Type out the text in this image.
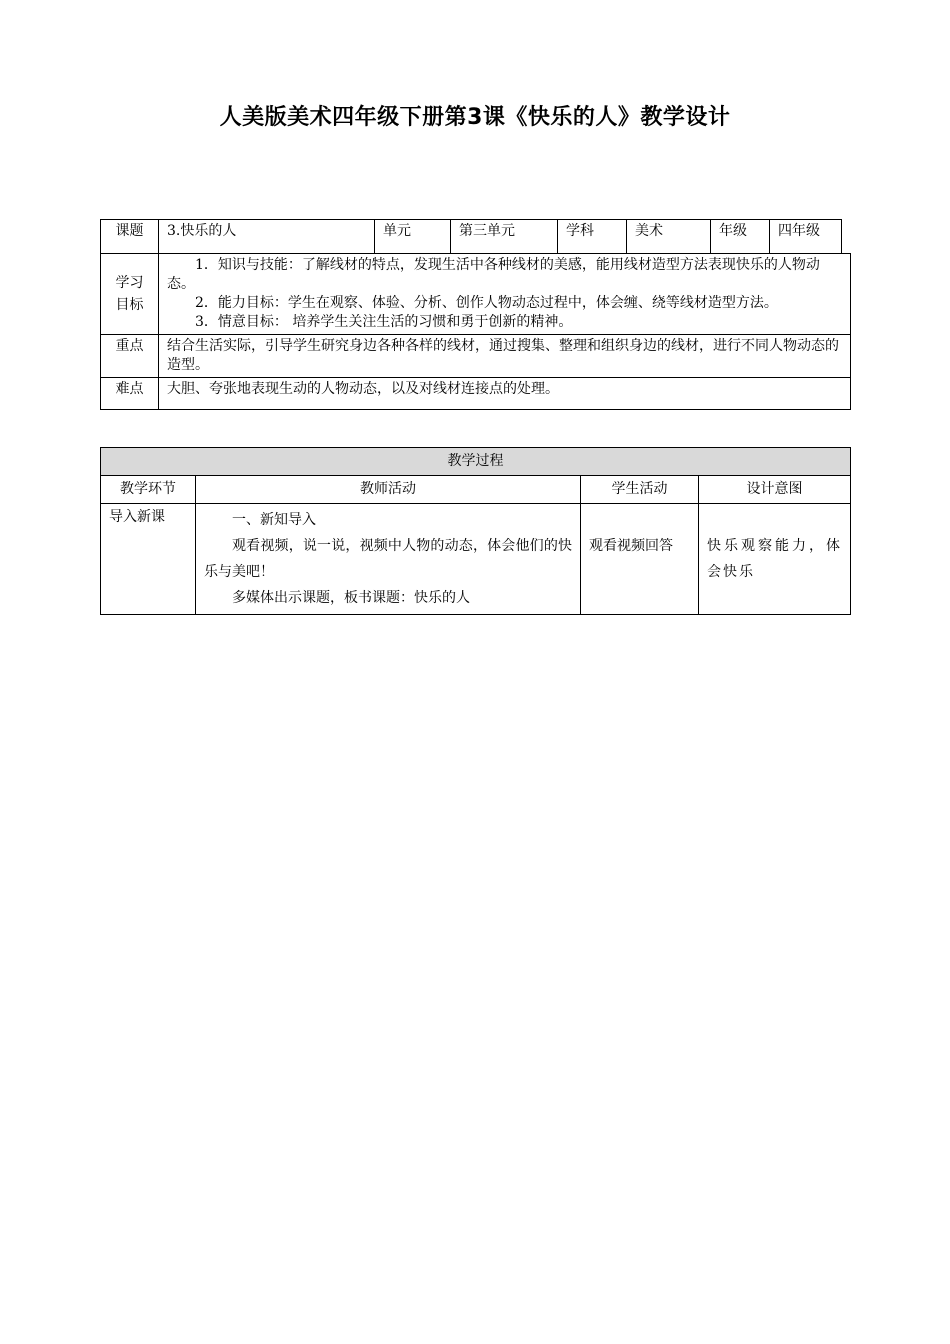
人美版美术四年级下册第3课《快乐的人》教学设计
课题	3.快乐的人	单元	第三单元	学科	美术	年级	四年级	
学习目标	1．知识与技能：了解线材的特点，发现生活中各种线材的美感，能用线材造型方法表现快乐的人物动态。

2．能力目标：学生在观察、体验、分析、创作人物动态过程中，体会缠、绕等线材造型方法。

3．情意目标： 培养学生关注生活的习惯和勇于创新的精神。							

重点	结合生活实际，引导学生研究身边各种各样的线材，通过搜集、整理和组织身边的线材，进行不同人物动态的造型。							
难点	大胆、夸张地表现生动的人物动态，以及对线材连接点的处理。							
教学过程			
教学环节	教师活动	学生活动	设计意图
导入新课	一、新知导入

观看视频，说一说，视频中人物的动态，体会他们的快乐与美吧！

多媒体出示课题，板书课题：快乐的人	观看视频回答	快乐观察能力，体会快乐
